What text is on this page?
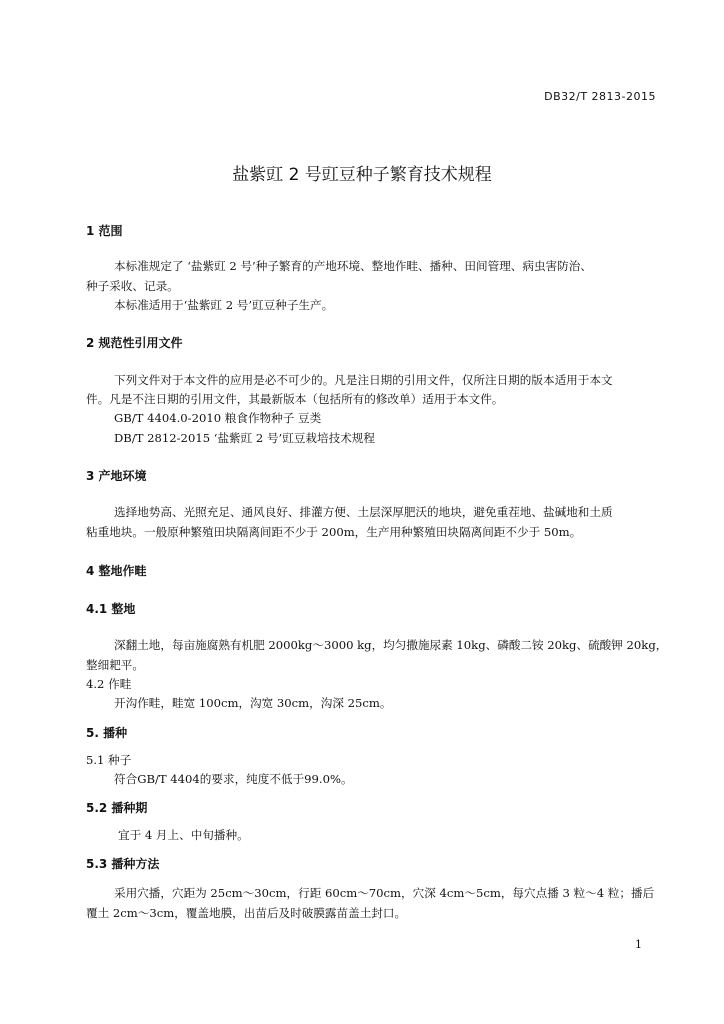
DB32/T 2813-2015
盐紫豇 2 号豇豆种子繁育技术规程
1 范围
本标准规定了 ‘盐紫豇 2 号’种子繁育的产地环境、整地作畦、播种、田间管理、病虫害防治、
种子采收、记录。
本标准适用于‘盐紫豇 2 号’豇豆种子生产。
2 规范性引用文件
下列文件对于本文件的应用是必不可少的。凡是注日期的引用文件，仅所注日期的版本适用于本文
件。凡是不注日期的引用文件，其最新版本（包括所有的修改单）适用于本文件。
GB/T 4404.0-2010 粮食作物种子 豆类
DB/T 2812-2015 ‘盐紫豇 2 号’豇豆栽培技术规程
3 产地环境
选择地势高、光照充足、通风良好、排灌方便、土层深厚肥沃的地块，避免重茬地、盐碱地和土质
粘重地块。一般原种繁殖田块隔离间距不少于 200m，生产用种繁殖田块隔离间距不少于 50m。
4 整地作畦
4.1 整地
深翻土地，每亩施腐熟有机肥 2000kg～3000 kg，均匀撒施尿素 10kg、磷酸二铵 20kg、硫酸钾 20kg，
整细耙平。
4.2 作畦
开沟作畦，畦宽 100cm，沟宽 30cm，沟深 25cm。
5. 播种
5.1 种子
符合GB/T 4404的要求，纯度不低于99.0%。
5.2 播种期
宜于 4 月上、中旬播种。
5.3 播种方法
采用穴播，穴距为 25cm～30cm，行距 60cm～70cm，穴深 4cm～5cm，每穴点播 3 粒～4 粒；播后
覆土 2cm～3cm，覆盖地膜，出苗后及时破膜露苗盖土封口。
1
